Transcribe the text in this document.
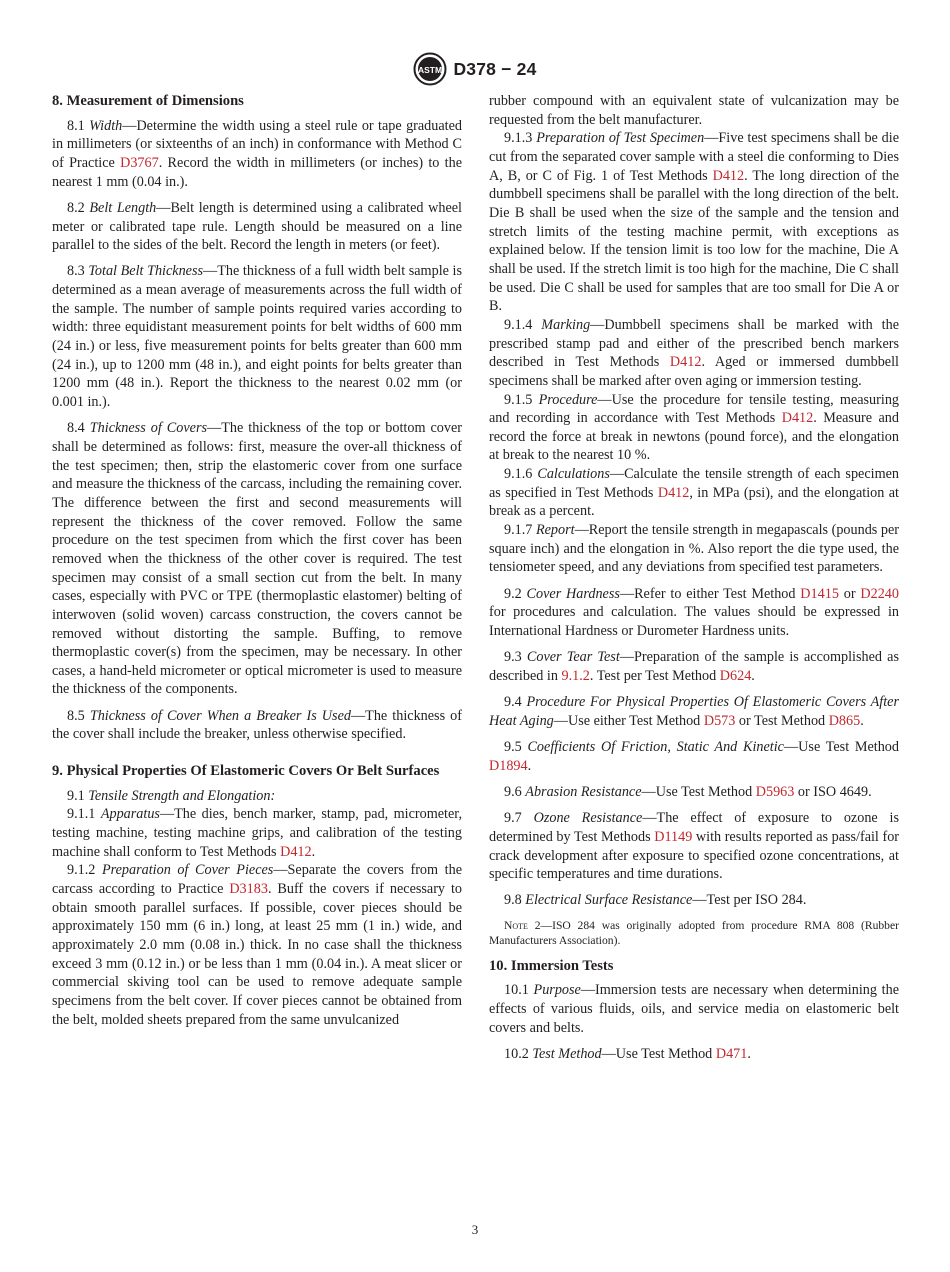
ASTM D378 − 24
8. Measurement of Dimensions

8.1 Width—Determine the width using a steel rule or tape graduated in millimeters (or sixteenths of an inch) in conformance with Method C of Practice D3767. Record the width in millimeters (or inches) to the nearest 1 mm (0.04 in.).

8.2 Belt Length—Belt length is determined using a calibrated wheel meter or calibrated tape rule. Length should be measured on a line parallel to the sides of the belt. Record the length in meters (or feet).

8.3 Total Belt Thickness—The thickness of a full width belt sample is determined as a mean average of measurements across the full width of the sample. The number of sample points required varies according to width: three equidistant measurement points for belt widths of 600 mm (24 in.) or less, five measurement points for belts greater than 600 mm (24 in.), up to 1200 mm (48 in.), and eight points for belts greater than 1200 mm (48 in.). Report the thickness to the nearest 0.02 mm (or 0.001 in.).

8.4 Thickness of Covers—The thickness of the top or bottom cover shall be determined as follows: first, measure the over-all thickness of the test specimen; then, strip the elastomeric cover from one surface and measure the thickness of the carcass, including the remaining cover. The difference between the first and second measurements will represent the thickness of the cover removed. Follow the same procedure on the test specimen from which the first cover has been removed when the thickness of the other cover is required. The test specimen may consist of a small section cut from the belt. In many cases, especially with PVC or TPE (thermoplastic elastomer) belting of interwoven (solid woven) carcass construction, the covers cannot be removed without distorting the sample. Buffing, to remove thermoplastic cover(s) from the specimen, may be necessary. In other cases, a hand-held micrometer or optical micrometer is used to measure the thickness of the components.

8.5 Thickness of Cover When a Breaker Is Used—The thickness of the cover shall include the breaker, unless otherwise specified.

9. Physical Properties Of Elastomeric Covers Or Belt Surfaces

9.1 Tensile Strength and Elongation:

9.1.1 Apparatus—The dies, bench marker, stamp, pad, micrometer, testing machine, testing machine grips, and calibration of the testing machine shall conform to Test Methods D412.

9.1.2 Preparation of Cover Pieces—Separate the covers from the carcass according to Practice D3183. Buff the covers if necessary to obtain smooth parallel surfaces. If possible, cover pieces should be approximately 150 mm (6 in.) long, at least 25 mm (1 in.) wide, and approximately 2.0 mm (0.08 in.) thick. In no case shall the thickness exceed 3 mm (0.12 in.) or be less than 1 mm (0.04 in.). A meat slicer or commercial skiving tool can be used to remove adequate sample specimens from the belt cover. If cover pieces cannot be obtained from the belt, molded sheets prepared from the same unvulcanized

rubber compound with an equivalent state of vulcanization may be requested from the belt manufacturer.

9.1.3 Preparation of Test Specimen—Five test specimens shall be die cut from the separated cover sample with a steel die conforming to Dies A, B, or C of Fig. 1 of Test Methods D412. The long direction of the dumbbell specimens shall be parallel with the long direction of the belt. Die B shall be used when the size of the sample and the tension and stretch limits of the testing machine permit, with exceptions as explained below. If the tension limit is too low for the machine, Die A shall be used. If the stretch limit is too high for the machine, Die C shall be used. Die C shall be used for samples that are too small for Die A or B.

9.1.4 Marking—Dumbbell specimens shall be marked with the prescribed stamp pad and either of the prescribed bench markers described in Test Methods D412. Aged or immersed dumbbell specimens shall be marked after oven aging or immersion testing.

9.1.5 Procedure—Use the procedure for tensile testing, measuring and recording in accordance with Test Methods D412. Measure and record the force at break in newtons (pound force), and the elongation at break to the nearest 10 %.

9.1.6 Calculations—Calculate the tensile strength of each specimen as specified in Test Methods D412, in MPa (psi), and the elongation at break as a percent.

9.1.7 Report—Report the tensile strength in megapascals (pounds per square inch) and the elongation in %. Also report the die type used, the tensiometer speed, and any deviations from specified test parameters.

9.2 Cover Hardness—Refer to either Test Method D1415 or D2240 for procedures and calculation. The values should be expressed in International Hardness or Durometer Hardness units.

9.3 Cover Tear Test—Preparation of the sample is accomplished as described in 9.1.2. Test per Test Method D624.

9.4 Procedure For Physical Properties Of Elastomeric Covers After Heat Aging—Use either Test Method D573 or Test Method D865.

9.5 Coefficients Of Friction, Static And Kinetic—Use Test Method D1894.

9.6 Abrasion Resistance—Use Test Method D5963 or ISO 4649.

9.7 Ozone Resistance—The effect of exposure to ozone is determined by Test Methods D1149 with results reported as pass/fail for crack development after exposure to specified ozone concentrations, at specific temperatures and time durations.

9.8 Electrical Surface Resistance—Test per ISO 284.

Note 2—ISO 284 was originally adopted from procedure RMA 808 (Rubber Manufacturers Association).

10. Immersion Tests

10.1 Purpose—Immersion tests are necessary when determining the effects of various fluids, oils, and service media on elastomeric belt covers and belts.

10.2 Test Method—Use Test Method D471.

3
